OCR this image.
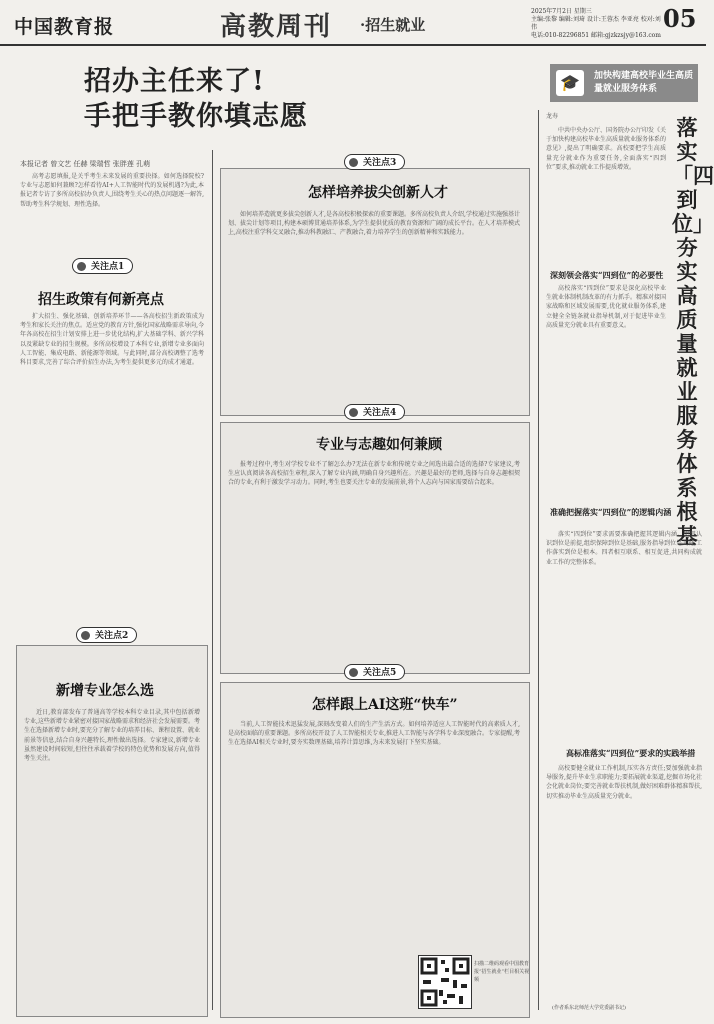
中国教育报	高教周刊 ·招生就业
2025年7月2日 星期三
主编:张黎 编辑:刘琦 设计:王蓉杰 李亚亮 校对:刘伟
电话:010-82296851 邮箱:gjzkzsjy@163.com
05
招办主任来了!
手把手教你填志愿
本报记者 曾文艺 任赫 梁瑞哲 张胖莲 孔萌

高考志愿填报,是关乎考生未来发展的重要抉择。如何选择院校?专业与志愿如何兼顾?怎样看待AI+人工智能时代的发展机遇?为此,本报记者专访了多所高校招办负责人,围绕考生关心的热点问题逐一解答,帮助考生科学规划、理性选择。

加快构建高校毕业生高质量就业服务体系
🎓
关注点1
招生政策有何新亮点

扩大招生、强化基础、创新培养环节——各高校招生新政策成为考生和家长关注的焦点。适应党的教育方针,强化国家战略需求导向,今年各高校在招生计划安排上进一步优化结构,扩大基础学科、新兴学科以及紧缺专业的招生规模。多所高校增设了本科专业,新增专业多面向人工智能、集成电路、新能源等领域。与此同时,部分高校调整了选考科目要求,完善了综合评价招生办法,为考生提供更多元的成才通道。

关注点2
新增专业怎么选

近日,教育部发布了普通高等学校本科专业目录,其中包括新增专业,这些新增专业紧密对接国家战略需求和经济社会发展需要。考生在选择新增专业时,要充分了解专业的培养目标、课程设置、就业前景等信息,结合自身兴趣特长,理性做出选择。专家建议,新增专业虽然建设时间较短,但往往承载着学校的特色优势和发展方向,值得考生关注。

关注点3
怎样培养拔尖创新人才

如何培养造就更多拔尖创新人才,是各高校积极探索的重要课题。多所高校负责人介绍,学校通过实施强基计划、拔尖计划等项目,构建本硕博贯通培养体系,为学生提供优质的教育资源和广阔的成长平台。在人才培养模式上,高校注重学科交叉融合,推动科教融汇、产教融合,着力培养学生的创新精神和实践能力。

关注点4
专业与志趣如何兼顾

报考过程中,考生对学校专业不了解怎么办?无法在新专业和传统专业之间选出最合适的选择?专家建议,考生应认真阅读各高校招生章程,深入了解专业内涵,明确自身兴趣所在。兴趣是最好的老师,选择与自身志趣相契合的专业,有利于激发学习动力。同时,考生也要关注专业的发展前景,将个人志向与国家需要结合起来。

关注点5
怎样跟上AI这班“快车”

当前,人工智能技术迅猛发展,深刻改变着人们的生产生活方式。如何培养适应人工智能时代的高素质人才,是高校面临的重要课题。多所高校开设了人工智能相关专业,推进人工智能与各学科专业深度融合。专家提醒,考生在选择AI相关专业时,要夯实数理基础,培养计算思维,为未来发展打下坚实基础。

扫描二维码观看中国教育报“招生就业”栏目相关视频
龙寿	落实「四到位」夯实高质量就业服务体系根基

中共中央办公厅、国务院办公厅印发《关于加快构建高校毕业生高质量就业服务体系的意见》,提出了明确要求。高校要把学生高质量充分就业作为重要任务,全面落实“四到位”要求,推动就业工作提质增效。

深刻领会落实“四到位”的必要性

高校落实“四到位”要求是深化高校毕业生就业体制机制改革的有力抓手。精准对接国家战略和区域发展需要,优化就业服务体系,建立健全全链条就业指导机制,对于促进毕业生高质量充分就业具有重要意义。

准确把握落实“四到位”的逻辑内涵

落实“四到位”要求需要准确把握其逻辑内涵。思想认识到位是前提,组织保障到位是基础,服务指导到位是关键,工作落实到位是根本。四者相互联系、相互促进,共同构成就业工作的完整体系。

高标准落实“四到位”要求的实践举措

高校要健全就业工作机制,压实各方责任;要加强就业指导服务,提升毕业生求职能力;要拓展就业渠道,挖掘市场化社会化就业岗位;要完善就业帮扶机制,做好困难群体精准帮扶,切实推动毕业生高质量充分就业。

(作者系东北师范大学党委副书记)
